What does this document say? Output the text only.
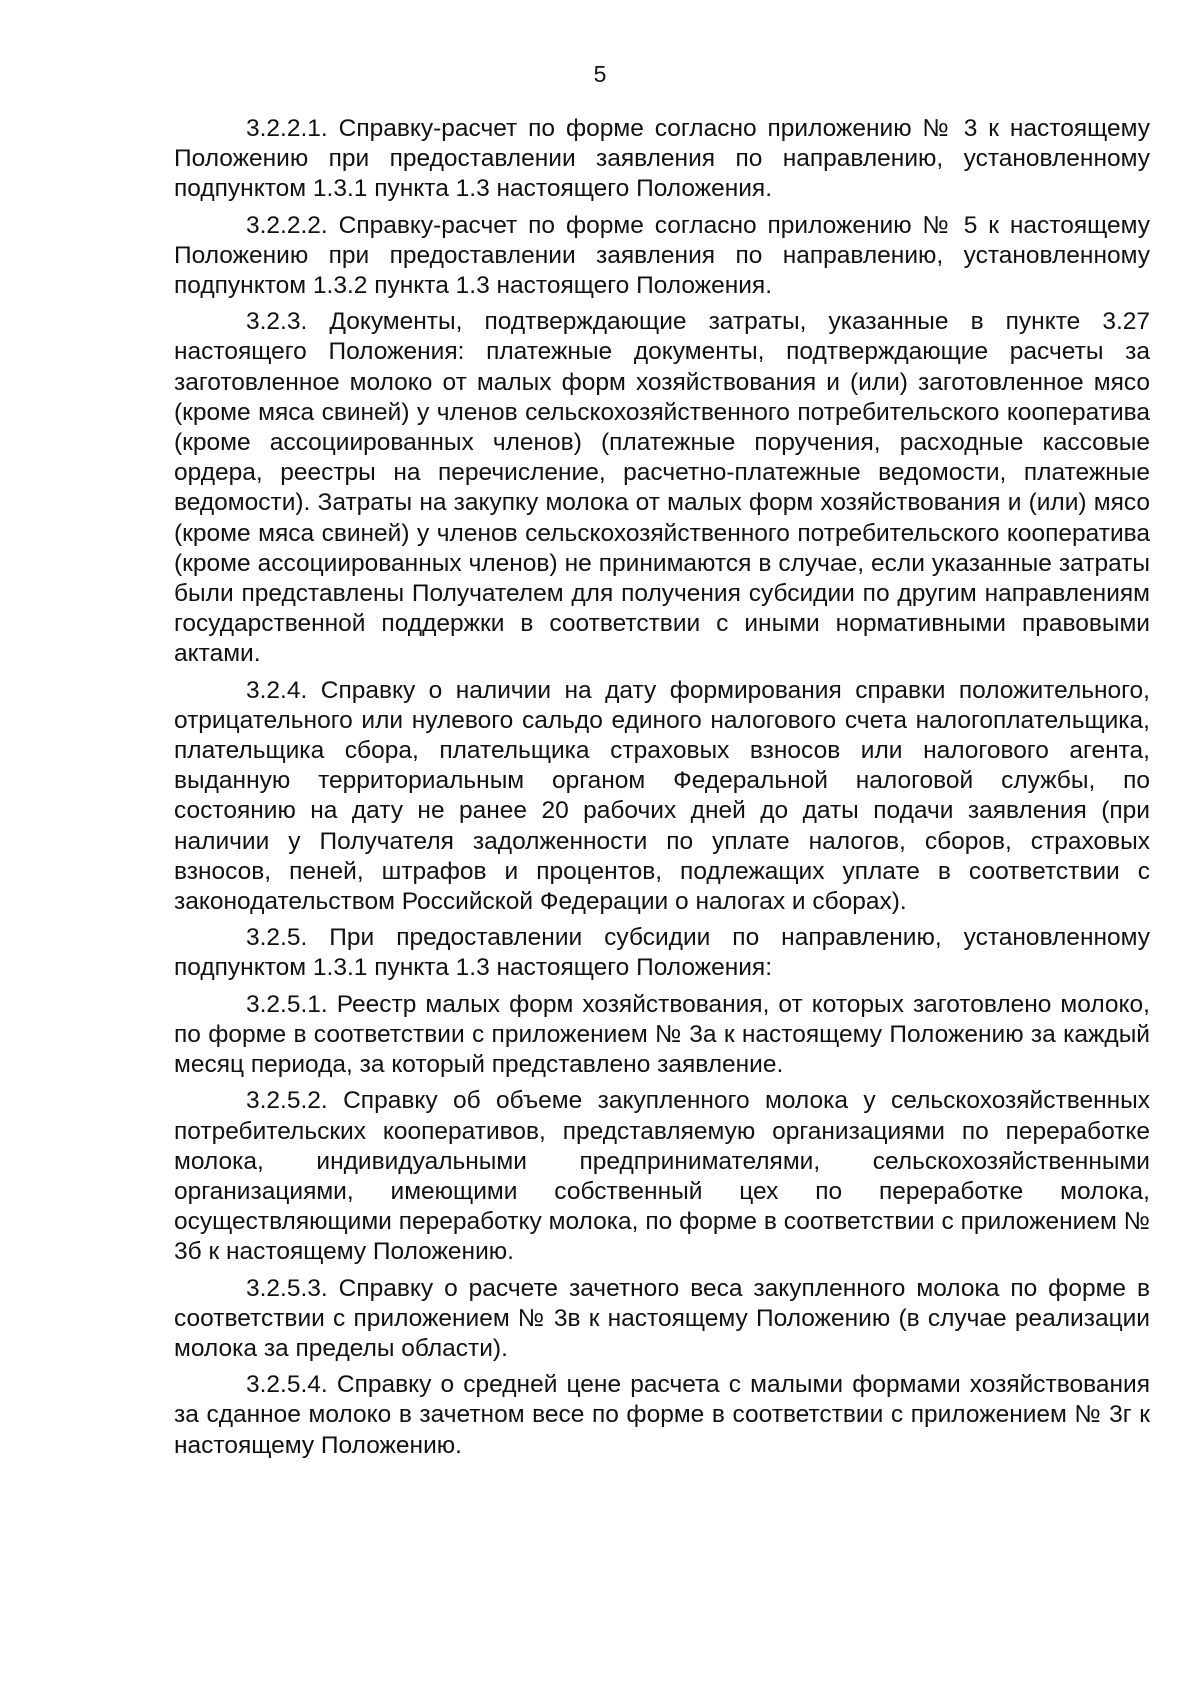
5

3.2.2.1. Справку-расчет по форме согласно приложению № 3 к настоящему Положению при предоставлении заявления по направлению, установленному подпунктом 1.3.1 пункта 1.3 настоящего Положения.

3.2.2.2. Справку-расчет по форме согласно приложению № 5 к настоящему Положению при предоставлении заявления по направлению, установленному подпунктом 1.3.2 пункта 1.3 настоящего Положения.

3.2.3. Документы, подтверждающие затраты, указанные в пункте 3.27 настоящего Положения: платежные документы, подтверждающие расчеты за заготовленное молоко от малых форм хозяйствования и (или) заготовленное мясо (кроме мяса свиней) у членов сельскохозяйственного потребительского кооператива (кроме ассоциированных членов) (платежные поручения, расходные кассовые ордера, реестры на перечисление, расчетно-платежные ведомости, платежные ведомости). Затраты на закупку молока от малых форм хозяйствования и (или) мясо (кроме мяса свиней) у членов сельскохозяйственного потребительского кооператива (кроме ассоциированных членов) не принимаются в случае, если указанные затраты были представлены Получателем для получения субсидии по другим направлениям государственной поддержки в соответствии с иными нормативными правовыми актами.

3.2.4. Справку о наличии на дату формирования справки положительного, отрицательного или нулевого сальдо единого налогового счета налогоплательщика, плательщика сбора, плательщика страховых взносов или налогового агента, выданную территориальным органом Федеральной налоговой службы, по состоянию на дату не ранее 20 рабочих дней до даты подачи заявления (при наличии у Получателя задолженности по уплате налогов, сборов, страховых взносов, пеней, штрафов и процентов, подлежащих уплате в соответствии с законодательством Российской Федерации о налогах и сборах).

3.2.5. При предоставлении субсидии по направлению, установленному подпунктом 1.3.1 пункта 1.3 настоящего Положения:

3.2.5.1. Реестр малых форм хозяйствования, от которых заготовлено молоко, по форме в соответствии с приложением № 3а к настоящему Положению за каждый месяц периода, за который представлено заявление.

3.2.5.2. Справку об объеме закупленного молока у сельскохозяйственных потребительских кооперативов, представляемую организациями по переработке молока, индивидуальными предпринимателями, сельскохозяйственными организациями, имеющими собственный цех по переработке молока, осуществляющими переработку молока, по форме в соответствии с приложением № 3б к настоящему Положению.

3.2.5.3. Справку о расчете зачетного веса закупленного молока по форме в соответствии с приложением № 3в к настоящему Положению (в случае реализации молока за пределы области).

3.2.5.4. Справку о средней цене расчета с малыми формами хозяйствования за сданное молоко в зачетном весе по форме в соответствии с приложением № 3г к настоящему Положению.
